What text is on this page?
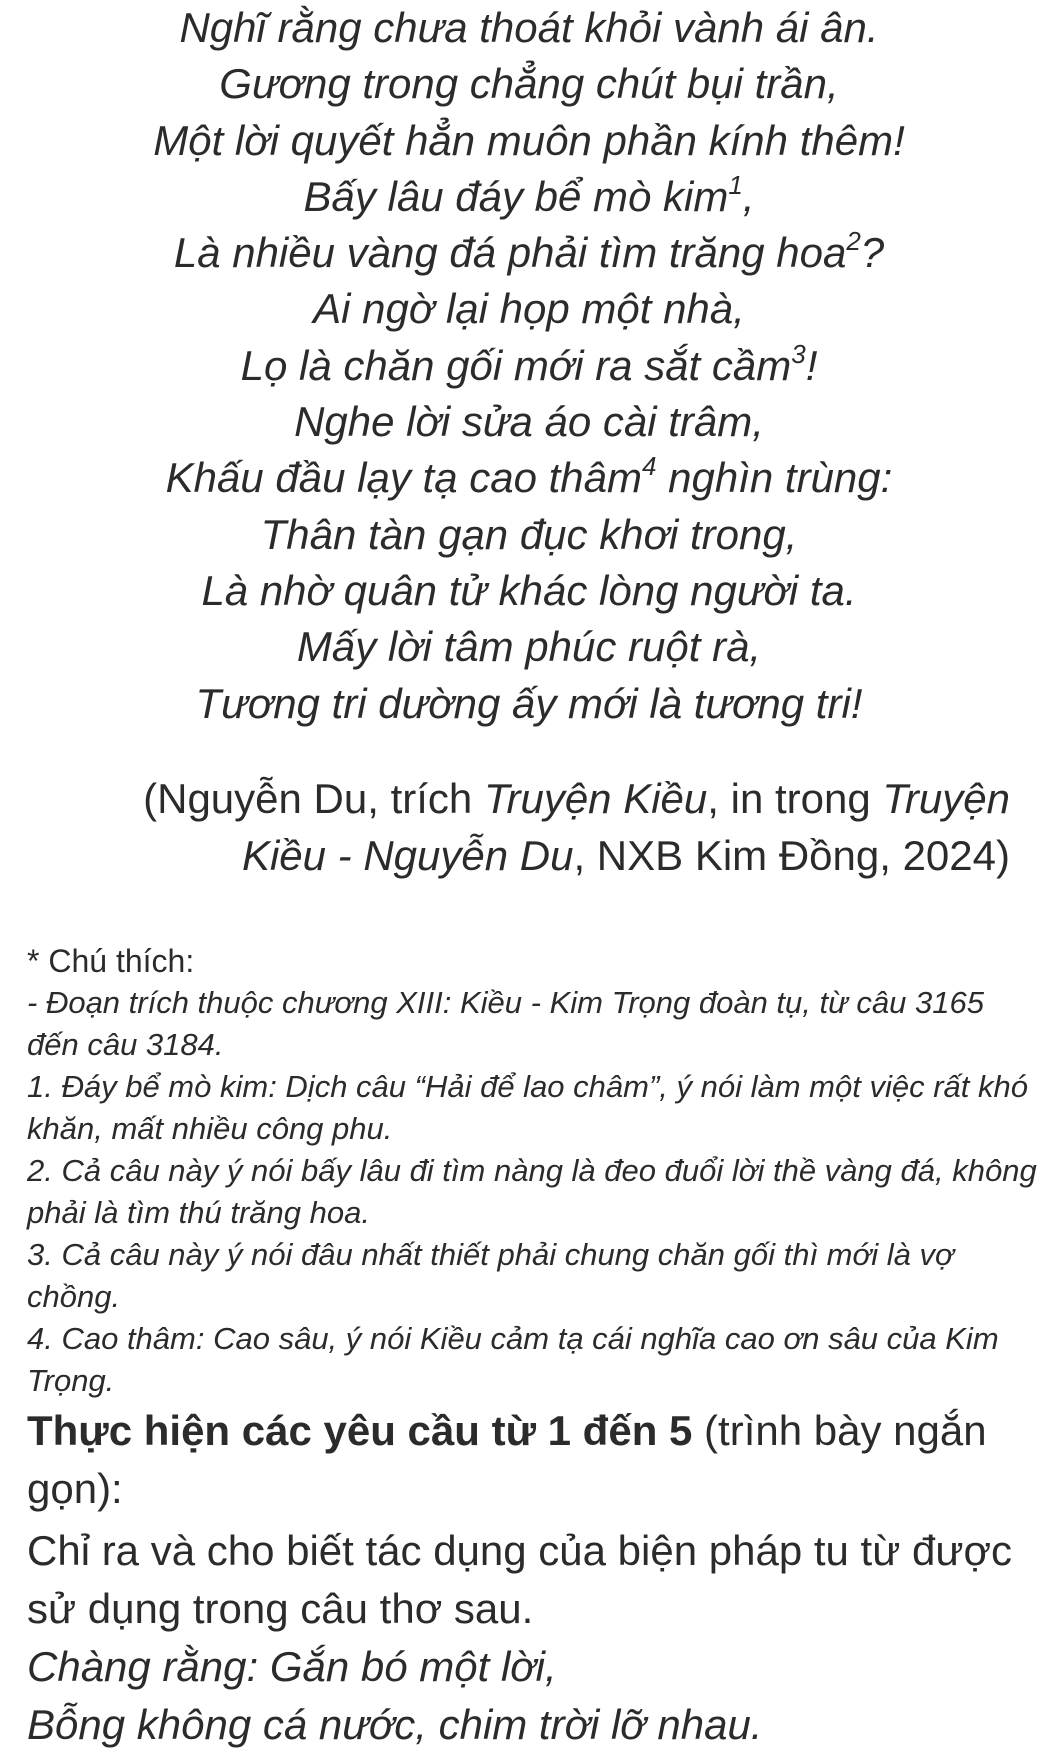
Nghĩ rằng chưa thoát khỏi vành ái ân.

Gương trong chẳng chút bụi trần,

Một lời quyết hẳn muôn phần kính thêm!

Bấy lâu đáy bể mò kim$^1$,

Là nhiều vàng đá phải tìm trăng hoa$^2$?

Ai ngờ lại họp một nhà,

Lọ là chăn gối mới ra sắt cầm$^3$!

Nghe lời sửa áo cài trâm,

Khấu đầu lạy tạ cao thâm$^4$ nghìn trùng:

Thân tàn gạn đục khơi trong,

Là nhờ quân tử khác lòng người ta.

Mấy lời tâm phúc ruột rà,

Tương tri dường ấy mới là tương tri!

(Nguyễn Du, trích Truyện Kiều, in trong Truyện
Kiều - Nguyễn Du, NXB Kim Đồng, 2024)

* Chú thích:

- Đoạn trích thuộc chương XIII: Kiều - Kim Trọng đoàn tụ, từ câu 3165 đến câu 3184.

1. Đáy bể mò kim: Dịch câu “Hải để lao châm”, ý nói làm một việc rất khó khăn, mất nhiều công phu.

2. Cả câu này ý nói bấy lâu đi tìm nàng là đeo đuổi lời thề vàng đá, không phải là tìm thú trăng hoa.

3. Cả câu này ý nói đâu nhất thiết phải chung chăn gối thì mới là vợ chồng.

4. Cao thâm: Cao sâu, ý nói Kiều cảm tạ cái nghĩa cao ơn sâu của Kim Trọng.

Thực hiện các yêu cầu từ 1 đến 5 (trình bày ngắn gọn):

Chỉ ra và cho biết tác dụng của biện pháp tu từ được sử dụng trong câu thơ sau.

Chàng rằng: Gắn bó một lời,

Bỗng không cá nước, chim trời lỡ nhau.
